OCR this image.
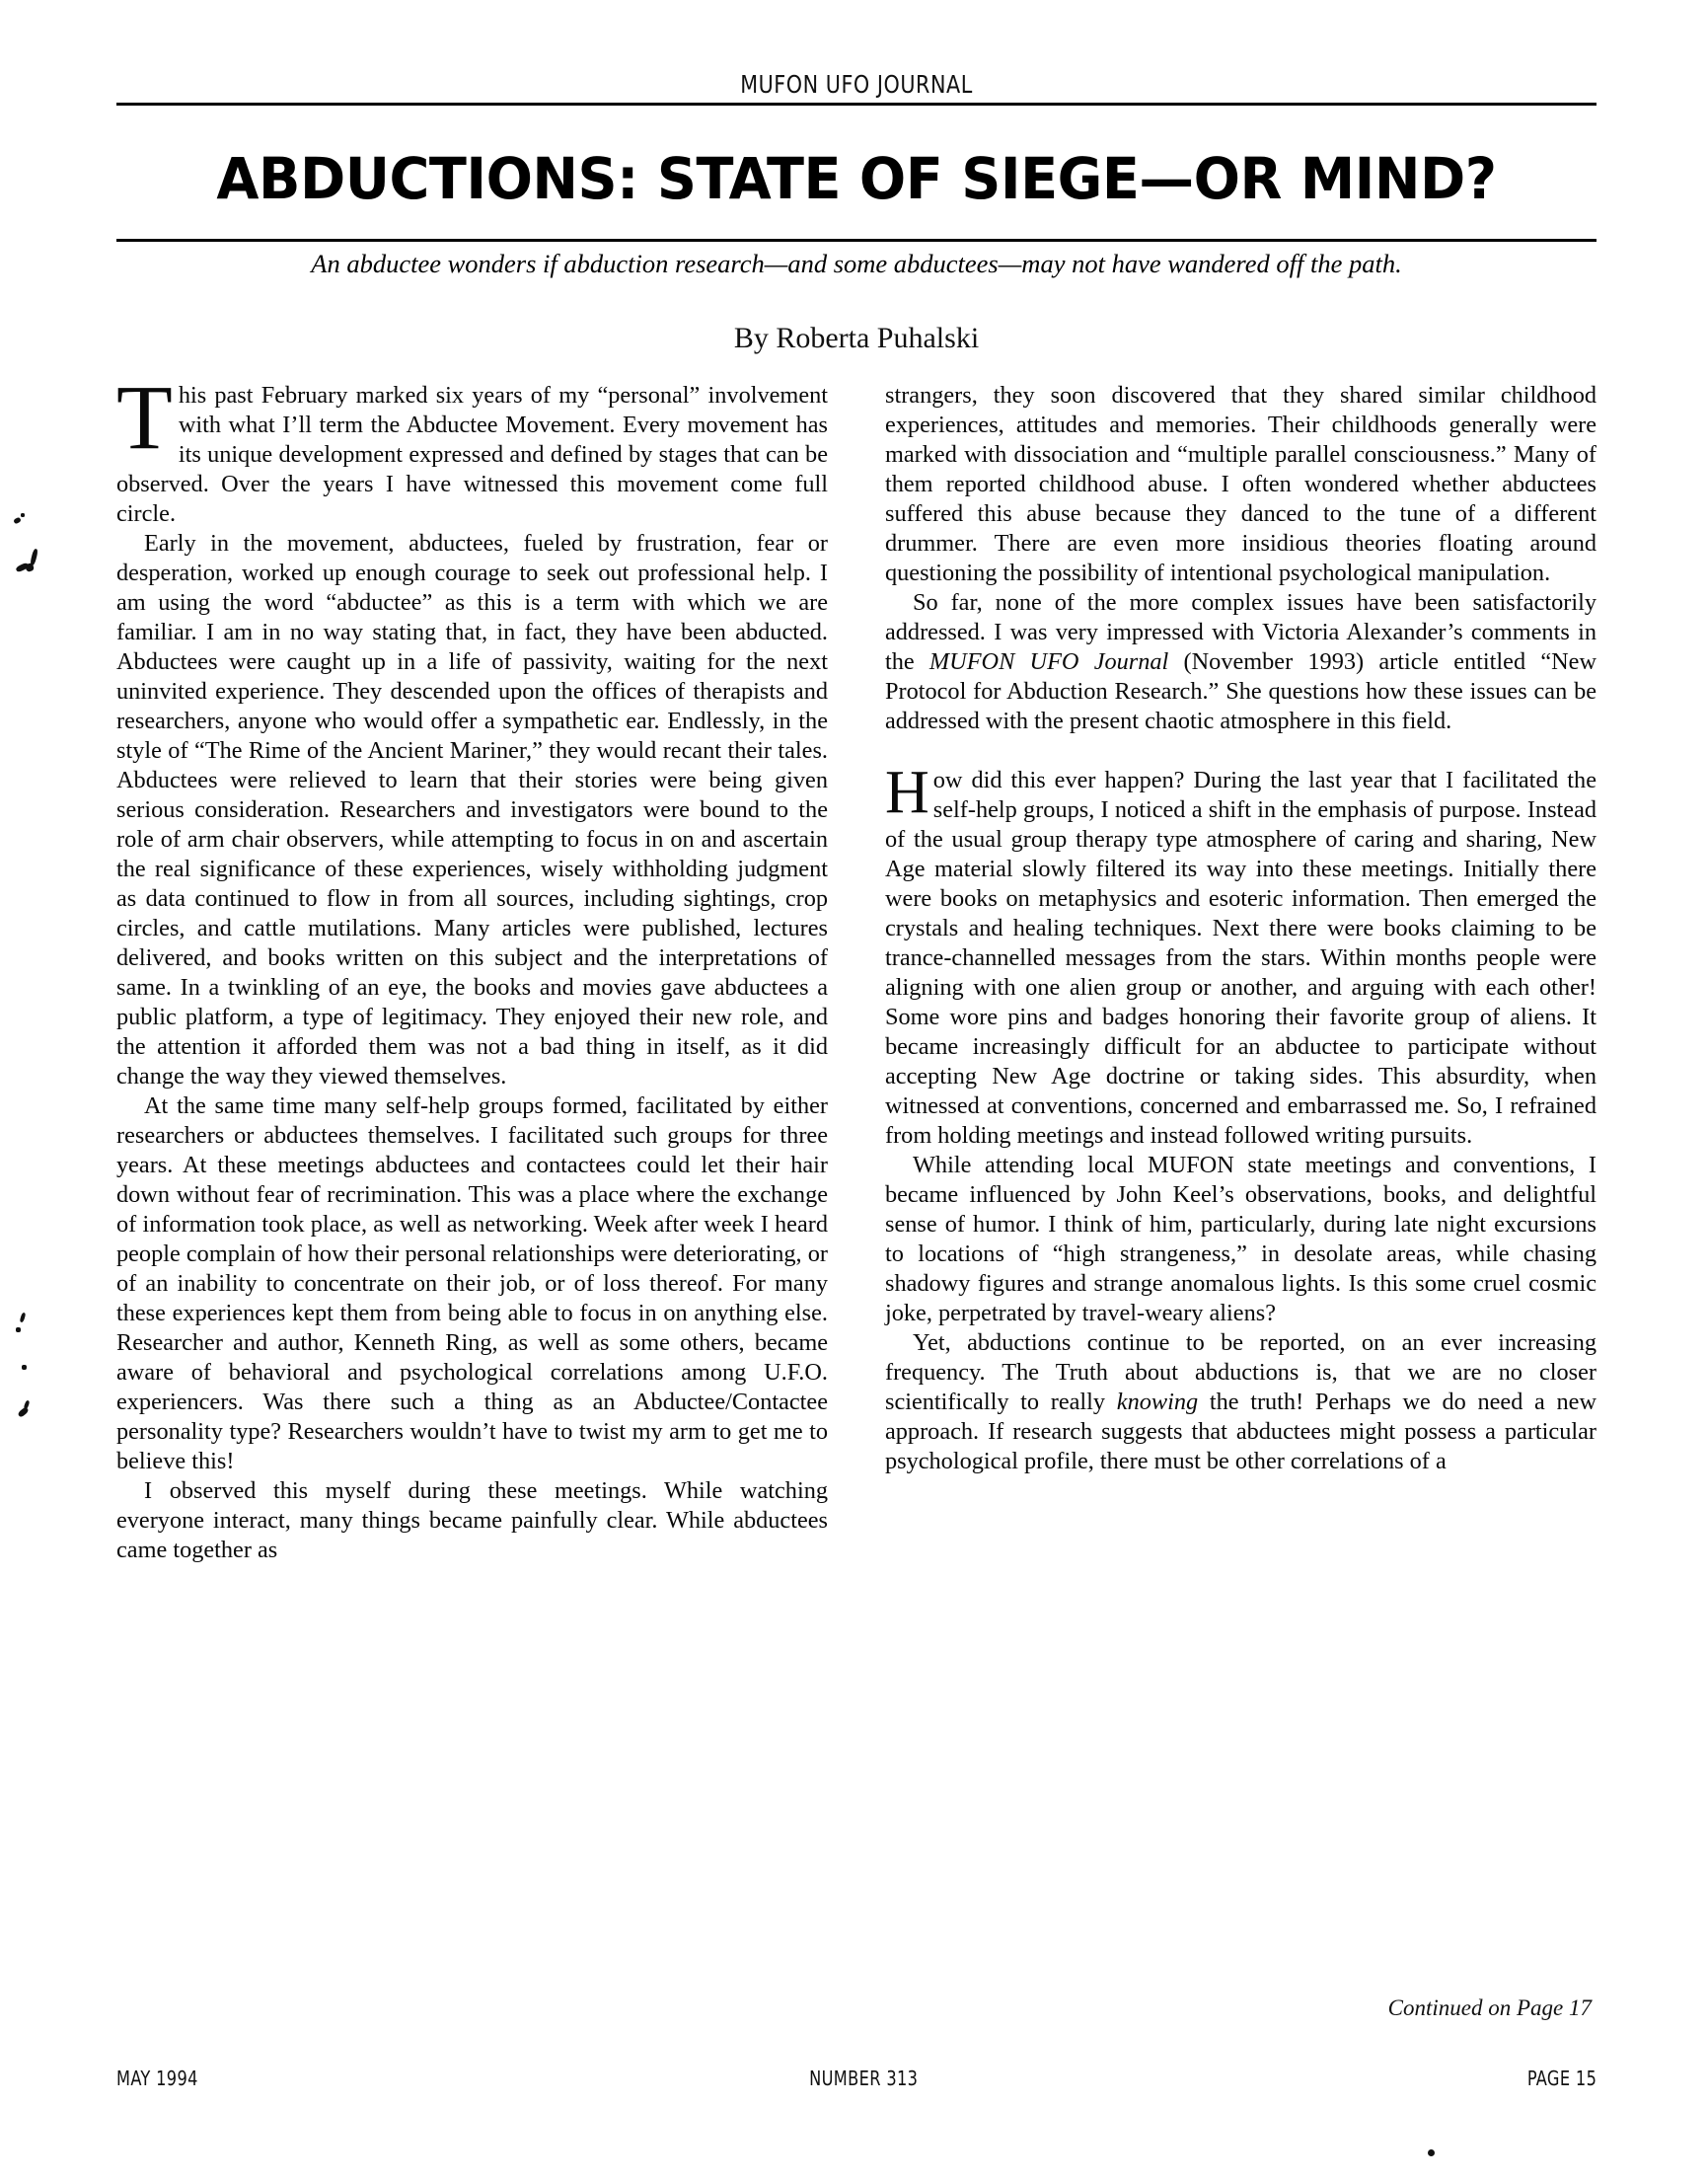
MUFON UFO JOURNAL
ABDUCTIONS: STATE OF SIEGE—OR MIND?
An abductee wonders if abduction research—and some abductees—may not have wandered off the path.
By Roberta Puhalski

This past February marked six years of my “personal” involvement with what I’ll term the Abductee Movement. Every movement has its unique development expressed and defined by stages that can be observed. Over the years I have witnessed this movement come full circle.

Early in the movement, abductees, fueled by frustration, fear or desperation, worked up enough courage to seek out professional help. I am using the word “abductee” as this is a term with which we are familiar. I am in no way stating that, in fact, they have been abducted. Abductees were caught up in a life of passivity, waiting for the next uninvited experience. They descended upon the offices of therapists and researchers, anyone who would offer a sympathetic ear. Endlessly, in the style of “The Rime of the Ancient Mariner,” they would recant their tales. Abductees were relieved to learn that their stories were being given serious consideration. Researchers and investigators were bound to the role of arm chair observers, while attempting to focus in on and ascertain the real significance of these experiences, wisely withholding judgment as data continued to flow in from all sources, including sightings, crop circles, and cattle mutilations. Many articles were published, lectures delivered, and books written on this subject and the interpretations of same. In a twinkling of an eye, the books and movies gave abductees a public platform, a type of legitimacy. They enjoyed their new role, and the attention it afforded them was not a bad thing in itself, as it did change the way they viewed themselves.

At the same time many self-help groups formed, facilitated by either researchers or abductees themselves. I facilitated such groups for three years. At these meetings abductees and contactees could let their hair down without fear of recrimination. This was a place where the exchange of information took place, as well as networking. Week after week I heard people complain of how their personal relationships were deteriorating, or of an inability to concentrate on their job, or of loss thereof. For many these experiences kept them from being able to focus in on anything else. Researcher and author, Kenneth Ring, as well as some others, became aware of behavioral and psychological correlations among U.F.O. experiencers. Was there such a thing as an Abductee/Contactee personality type? Researchers wouldn’t have to twist my arm to get me to believe this!

I observed this myself during these meetings. While watching everyone interact, many things became painfully clear. While abductees came together as

strangers, they soon discovered that they shared similar childhood experiences, attitudes and memories. Their childhoods generally were marked with dissociation and “multiple parallel consciousness.” Many of them reported childhood abuse. I often wondered whether abductees suffered this abuse because they danced to the tune of a different drummer. There are even more insidious theories floating around questioning the possibility of intentional psychological manipulation.

So far, none of the more complex issues have been satisfactorily addressed. I was very impressed with Victoria Alexander’s comments in the MUFON UFO Journal (November 1993) article entitled “New Protocol for Abduction Research.” She questions how these issues can be addressed with the present chaotic atmosphere in this field.

How did this ever happen? During the last year that I facilitated the self-help groups, I noticed a shift in the emphasis of purpose. Instead of the usual group therapy type atmosphere of caring and sharing, New Age material slowly filtered its way into these meetings. Initially there were books on metaphysics and esoteric information. Then emerged the crystals and healing techniques. Next there were books claiming to be trance-channelled messages from the stars. Within months people were aligning with one alien group or another, and arguing with each other! Some wore pins and badges honoring their favorite group of aliens. It became increasingly difficult for an abductee to participate without accepting New Age doctrine or taking sides. This absurdity, when witnessed at conventions, concerned and embarrassed me. So, I refrained from holding meetings and instead followed writing pursuits.

While attending local MUFON state meetings and conventions, I became influenced by John Keel’s observations, books, and delightful sense of humor. I think of him, particularly, during late night excursions to locations of “high strangeness,” in desolate areas, while chasing shadowy figures and strange anomalous lights. Is this some cruel cosmic joke, perpetrated by travel-weary aliens?

Yet, abductions continue to be reported, on an ever increasing frequency. The Truth about abductions is, that we are no closer scientifically to really knowing the truth! Perhaps we do need a new approach. If research suggests that abductees might possess a particular psychological profile, there must be other correlations of a

Continued on Page 17
MAY 1994	NUMBER 313	PAGE 15
